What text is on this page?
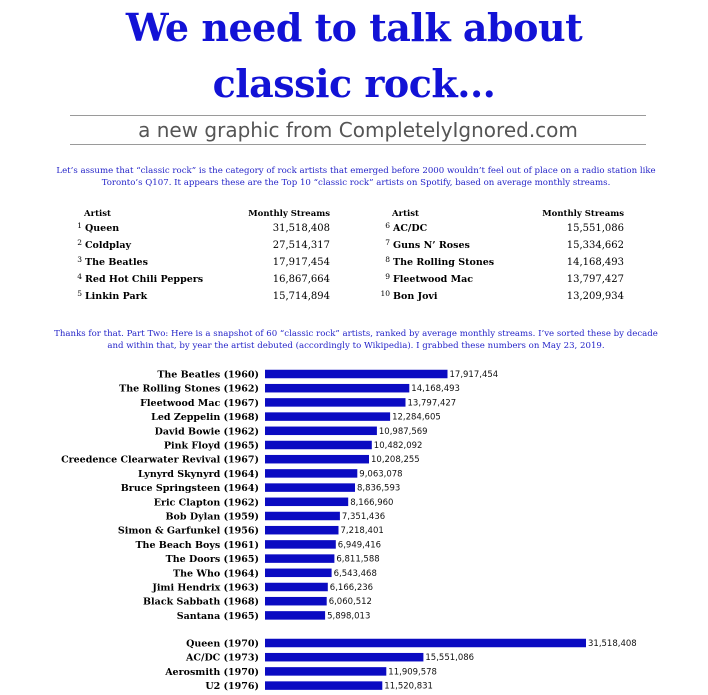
We need to talk about
classic rock...
a new graphic from CompletelyIgnored.com

Let’s assume that “classic rock” is the category of rock artists that emerged before 2000 wouldn’t feel out of place on a radio station like Toronto’s Q107. It appears these are the Top 10 “classic rock” artists on Spotify, based on average monthly streams.

Artist	Monthly Streams
1 Queen	31,518,408
2 Coldplay	27,514,317
3 The Beatles	17,917,454
4 Red Hot Chili Peppers	16,867,664
5 Linkin Park	15,714,894
Artist	Monthly Streams
6 AC/DC	15,551,086
7 Guns N’ Roses	15,334,662
8 The Rolling Stones	14,168,493
9 Fleetwood Mac	13,797,427
10 Bon Jovi	13,209,934

Thanks for that. Part Two: Here is a snapshot of 60 “classic rock” artists, ranked by average monthly streams. I’ve sorted these by decade and within that, by year the artist debuted (accordingly to Wikipedia). I grabbed these numbers on May 23, 2019.

The Beatles (1960)	17,917,454
The Rolling Stones (1962)	14,168,493
Fleetwood Mac (1967)	13,797,427
Led Zeppelin (1968)	12,284,605
David Bowie (1962)	10,987,569
Pink Floyd (1965)	10,482,092
Creedence Clearwater Revival (1967)	10,208,255
Lynyrd Skynyrd (1964)	9,063,078
Bruce Springsteen (1964)	8,836,593
Eric Clapton (1962)	8,166,960
Bob Dylan (1959)	7,351,436
Simon & Garfunkel (1956)	7,218,401
The Beach Boys (1961)	6,949,416
The Doors (1965)	6,811,588
The Who (1964)	6,543,468
Jimi Hendrix (1963)	6,166,236
Black Sabbath (1968)	6,060,512
Santana (1965)	5,898,013
Queen (1970)	31,518,408
AC/DC (1973)	15,551,086
Aerosmith (1970)	11,909,578
U2 (1976)	11,520,831
